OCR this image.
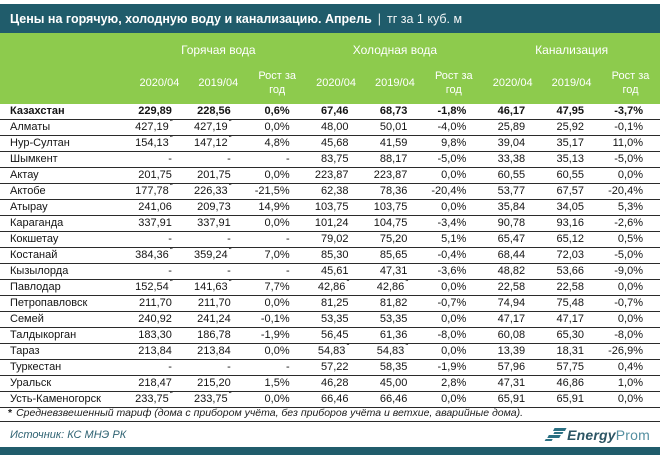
Цены на горячую, холодную воду и канализацию. Апрель | тг за 1 куб. м
	Горячая вода			Холодная вода			Канализация		
	2020/04	2019/04	Рост за год	2020/04	2019/04	Рост за год	2020/04	2019/04	Рост за год
Казахстан	229,89	228,56	0,6%	67,46	68,73	-1,8%	46,17	47,95	-3,7%
Алматы	427,19*	427,19*	0,0%	48,00	50,01	-4,0%	25,89	25,92	-0,1%
Нур-Султан	154,13*	147,12*	4,8%	45,68	41,59	9,8%	39,04	35,17	11,0%
Шымкент	-	-	-	83,75	88,17	-5,0%	33,38	35,13	-5,0%
Актау	201,75	201,75	0,0%	223,87	223,87	0,0%	60,55	60,55	0,0%
Актобе	177,78*	226,33*	-21,5%	62,38	78,36	-20,4%	53,77	67,57	-20,4%
Атырау	241,06	209,73	14,9%	103,75	103,75	0,0%	35,84	34,05	5,3%
Караганда	337,91	337,91	0,0%	101,24	104,75	-3,4%	90,78	93,16	-2,6%
Кокшетау	-	-	-	79,02	75,20	5,1%	65,47	65,12	0,5%
Костанай	384,36*	359,24*	7,0%	85,30	85,65	-0,4%	68,44	72,03	-5,0%
Кызылорда	-	-	-	45,61	47,31	-3,6%	48,82	53,66	-9,0%
Павлодар	152,54*	141,63*	7,7%	42,86*	42,86*	0,0%	22,58	22,58	0,0%
Петропавловск	211,70	211,70	0,0%	81,25	81,82	-0,7%	74,94	75,48	-0,7%
Семей	240,92	241,24	-0,1%	53,35	53,35	0,0%	47,17	47,17	0,0%
Талдыкорган	183,30	186,78	-1,9%	56,45	61,36	-8,0%	60,08	65,30	-8,0%
Тараз	213,84	213,84	0,0%	54,83*	54,83*	0,0%	13,39	18,31	-26,9%
Туркестан	-	-	-	57,22	58,35	-1,9%	57,96	57,75	0,4%
Уральск	218,47	215,20	1,5%	46,28	45,00	2,8%	47,31	46,86	1,0%
Усть-Каменогорск	233,75*	233,75*	0,0%	66,46	66,46	0,0%	65,91	65,91	0,0%
* Средневзвешенный тариф (дома с прибором учёта, без приборов учёта и ветхие, аварийные дома).
Источник: КС МНЭ РК	Energy Prom
